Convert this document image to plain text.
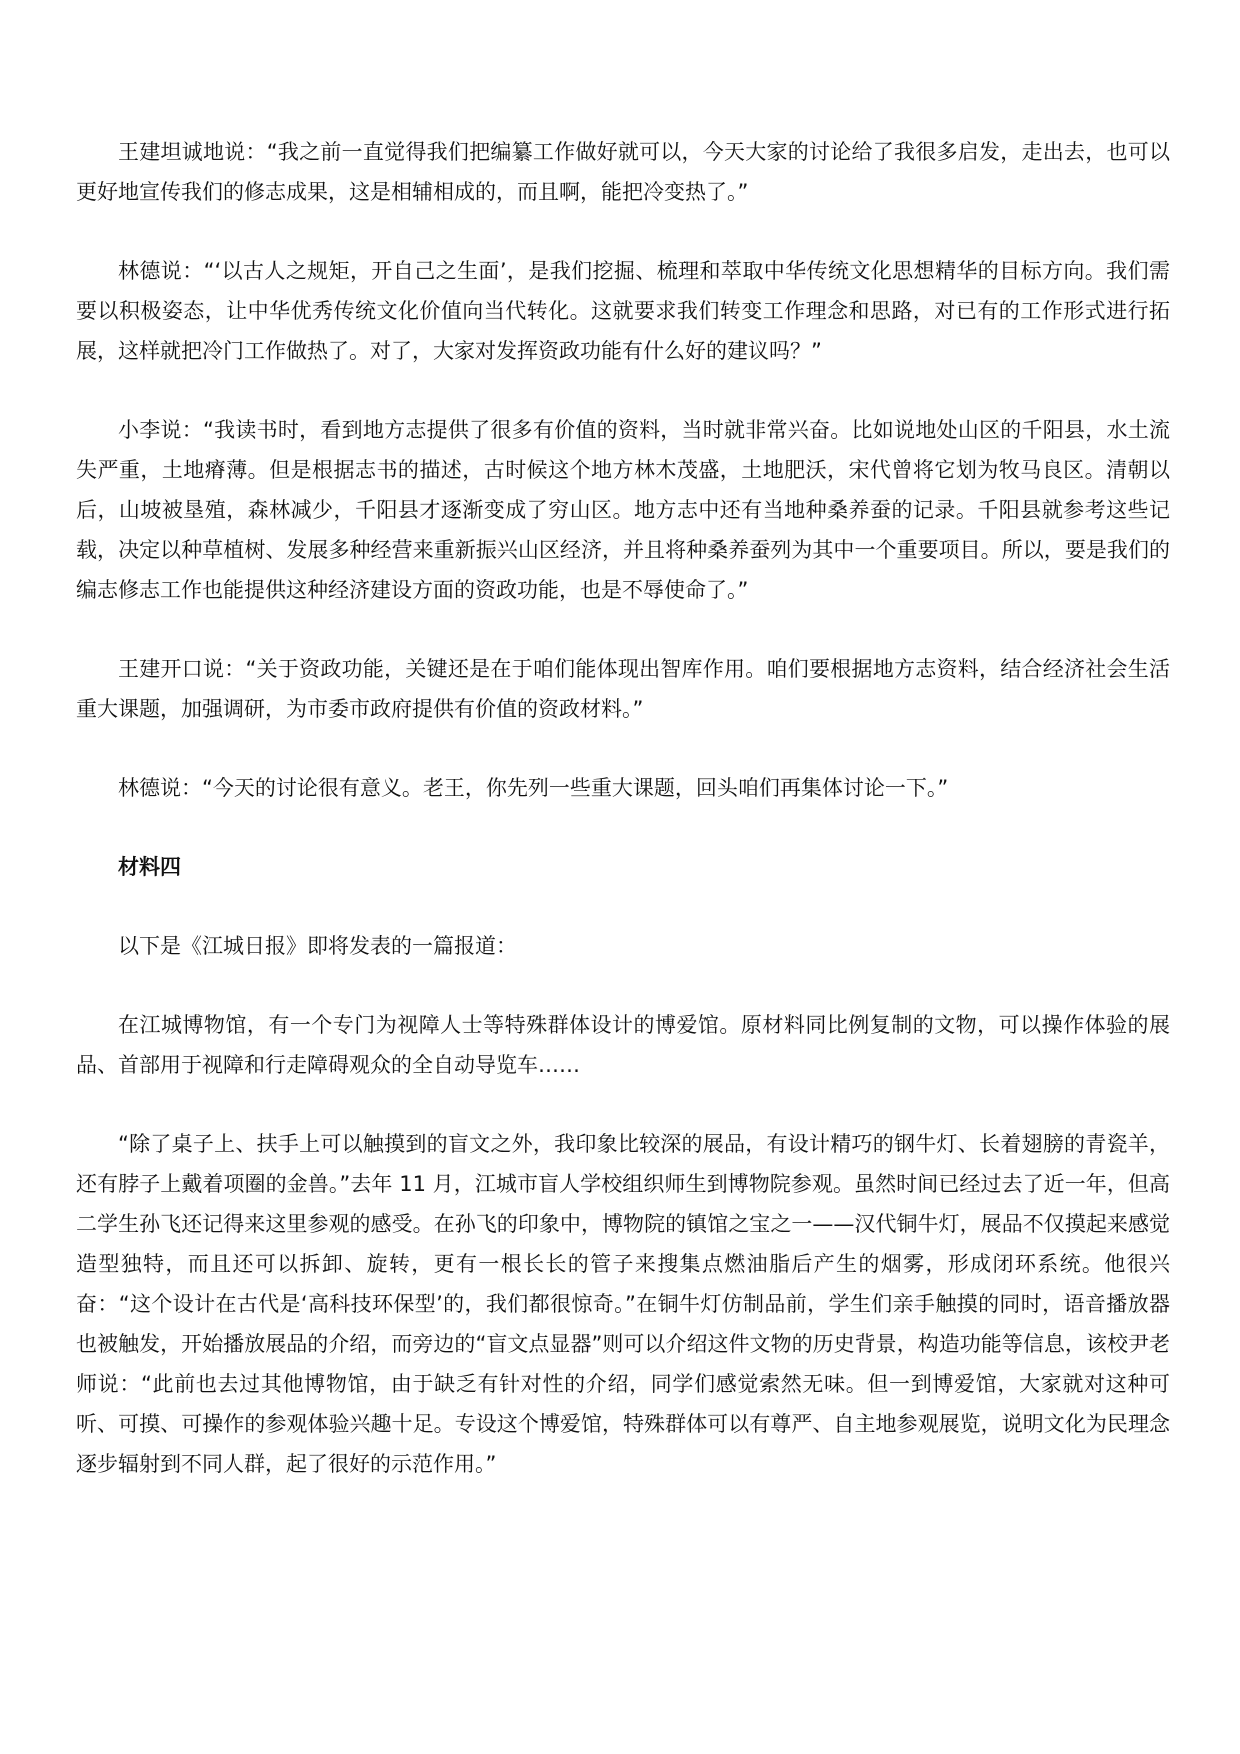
王建坦诚地说：“我之前一直觉得我们把编纂工作做好就可以，今天大家的讨论给了我很多启发，走出去，也可以更好地宣传我们的修志成果，这是相辅相成的，而且啊，能把冷变热了。”

林德说：“‘以古人之规矩，开自己之生面’，是我们挖掘、梳理和萃取中华传统文化思想精华的目标方向。我们需要以积极姿态，让中华优秀传统文化价值向当代转化。这就要求我们转变工作理念和思路，对已有的工作形式进行拓展，这样就把冷门工作做热了。对了，大家对发挥资政功能有什么好的建议吗？”

小李说：“我读书时，看到地方志提供了很多有价值的资料，当时就非常兴奋。比如说地处山区的千阳县，水土流失严重，土地瘠薄。但是根据志书的描述，古时候这个地方林木茂盛，土地肥沃，宋代曾将它划为牧马良区。清朝以后，山坡被垦殖，森林减少，千阳县才逐渐变成了穷山区。地方志中还有当地种桑养蚕的记录。千阳县就参考这些记载，决定以种草植树、发展多种经营来重新振兴山区经济，并且将种桑养蚕列为其中一个重要项目。所以，要是我们的编志修志工作也能提供这种经济建设方面的资政功能，也是不辱使命了。”

王建开口说：“关于资政功能，关键还是在于咱们能体现出智库作用。咱们要根据地方志资料，结合经济社会生活重大课题，加强调研，为市委市政府提供有价值的资政材料。”

林德说：“今天的讨论很有意义。老王，你先列一些重大课题，回头咱们再集体讨论一下。”

材料四

以下是《江城日报》即将发表的一篇报道：

在江城博物馆，有一个专门为视障人士等特殊群体设计的博爱馆。原材料同比例复制的文物，可以操作体验的展品、首部用于视障和行走障碍观众的全自动导览车……

“除了桌子上、扶手上可以触摸到的盲文之外，我印象比较深的展品，有设计精巧的钢牛灯、长着翅膀的青瓷羊，还有脖子上戴着项圈的金兽。”去年 11 月，江城市盲人学校组织师生到博物院参观。虽然时间已经过去了近一年，但高二学生孙飞还记得来这里参观的感受。在孙飞的印象中，博物院的镇馆之宝之一——汉代铜牛灯，展品不仅摸起来感觉造型独特，而且还可以拆卸、旋转，更有一根长长的管子来搜集点燃油脂后产生的烟雾，形成闭环系统。他很兴奋：“这个设计在古代是‘高科技环保型’的，我们都很惊奇。”在铜牛灯仿制品前，学生们亲手触摸的同时，语音播放器也被触发，开始播放展品的介绍，而旁边的“盲文点显器”则可以介绍这件文物的历史背景，构造功能等信息，该校尹老师说：“此前也去过其他博物馆，由于缺乏有针对性的介绍，同学们感觉索然无味。但一到博爱馆，大家就对这种可听、可摸、可操作的参观体验兴趣十足。专设这个博爱馆，特殊群体可以有尊严、自主地参观展览，说明文化为民理念逐步辐射到不同人群，起了很好的示范作用。”
